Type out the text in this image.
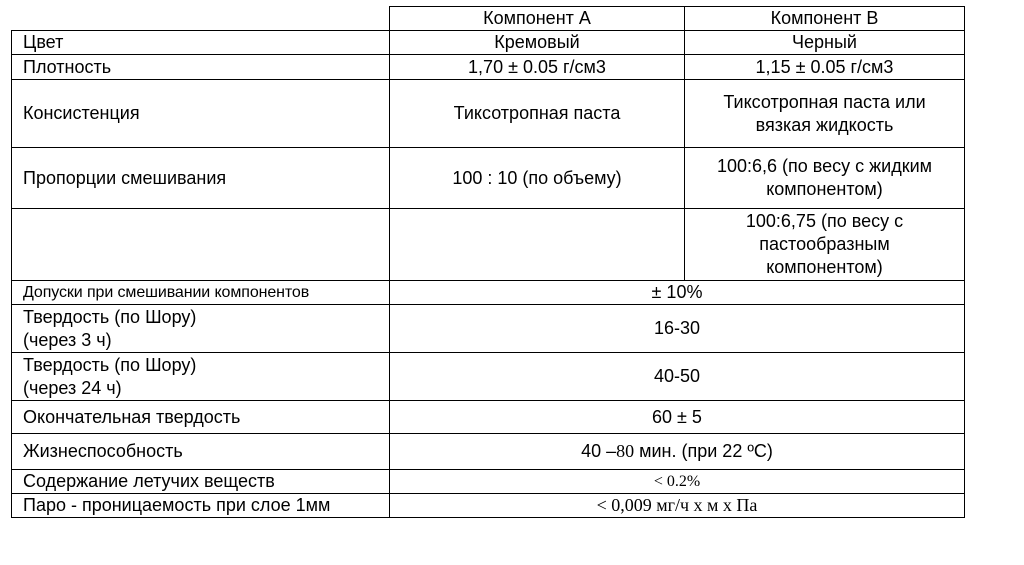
	Компонент А	Компонент В
Цвет	Кремовый	Черный
Плотность	1,70 ± 0.05 г/см3	1,15 ± 0.05 г/см3
Консистенция	Тиксотропная паста	Тиксотропная паста или
вязкая жидкость

Пропорции смешивания	100 : 10 (по объему)	100:6,6 (по весу с жидким
компонентом)

		100:6,75 (по весу с
пастообразным
компонентом)

Допуски при смешивании компонентов	± 10%	

Твердость (по Шору)
(через 3 ч)	16-30	

Твердость (по Шору)
(через 24 ч)	40-50	
Окончательная твердость	60 ± 5	
Жизнеспособность	40 –80 мин. (при 22 ºС)	
Содержание летучих веществ	< 0.2%	
Паро - проницаемость при слое 1мм	< 0,009 мг/ч х м х Па	
